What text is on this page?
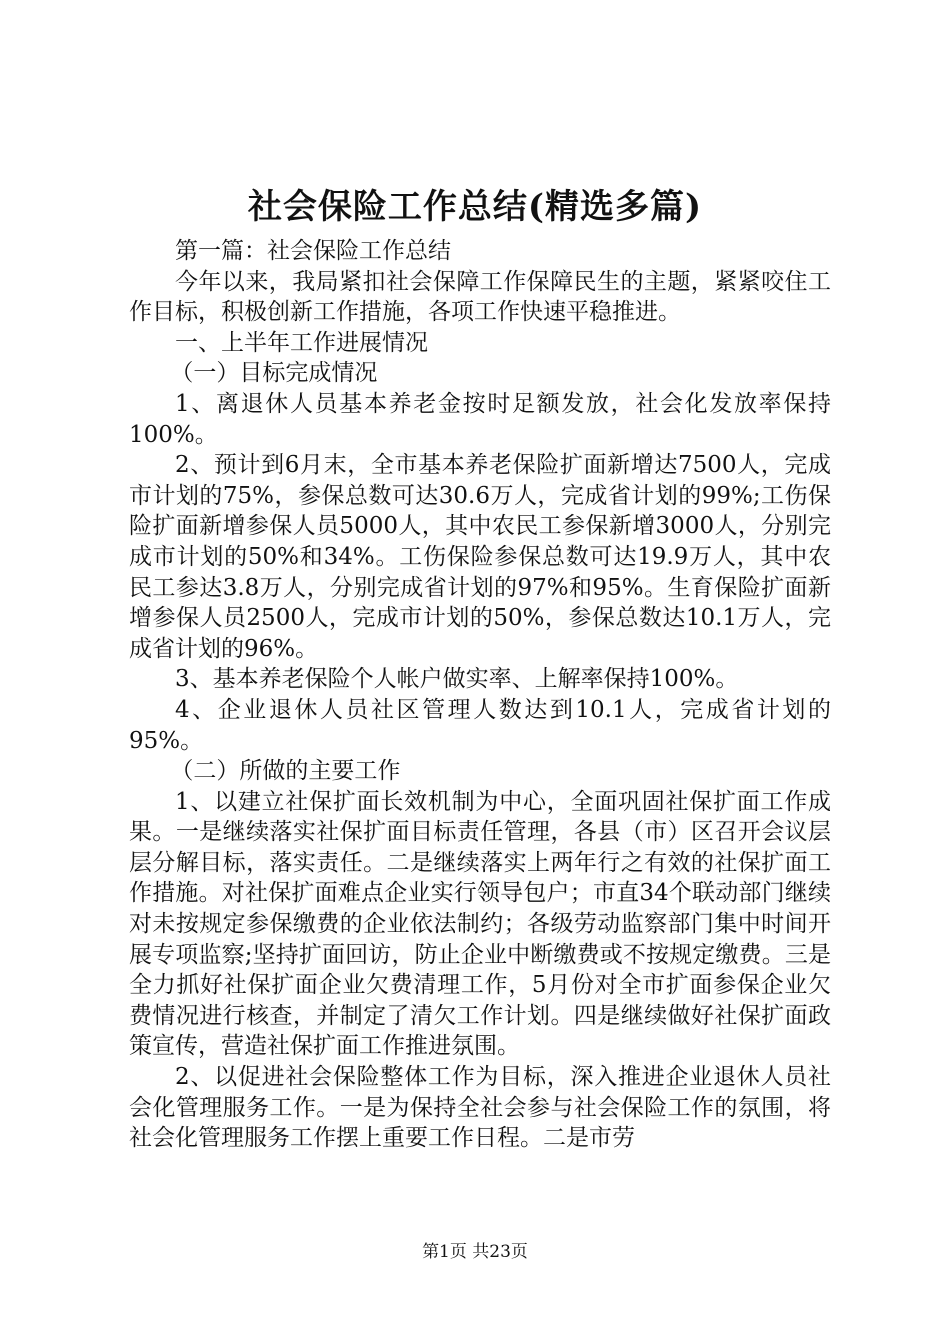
社会保险工作总结(精选多篇)

第一篇：社会保险工作总结

今年以来，我局紧扣社会保障工作保障民生的主题，紧紧咬住工作目标，积极创新工作措施，各项工作快速平稳推进。

一、上半年工作进展情况

（一）目标完成情况

1、离退休人员基本养老金按时足额发放，社会化发放率保持100%。

2、预计到6月末，全市基本养老保险扩面新增达7500人，完成市计划的75%，参保总数可达30.6万人，完成省计划的99%;工伤保险扩面新增参保人员5000人，其中农民工参保新增3000人，分别完成市计划的50%和34%。工伤保险参保总数可达19.9万人，其中农民工参达3.8万人，分别完成省计划的97%和95%。生育保险扩面新增参保人员2500人，完成市计划的50%，参保总数达10.1万人，完成省计划的96%。

3、基本养老保险个人帐户做实率、上解率保持100%。

4、企业退休人员社区管理人数达到10.1人，完成省计划的95%。

（二）所做的主要工作

1、以建立社保扩面长效机制为中心，全面巩固社保扩面工作成果。一是继续落实社保扩面目标责任管理，各县（市）区召开会议层层分解目标，落实责任。二是继续落实上两年行之有效的社保扩面工作措施。对社保扩面难点企业实行领导包户；市直34个联动部门继续对未按规定参保缴费的企业依法制约；各级劳动监察部门集中时间开展专项监察;坚持扩面回访，防止企业中断缴费或不按规定缴费。三是全力抓好社保扩面企业欠费清理工作，5月份对全市扩面参保企业欠费情况进行核查，并制定了清欠工作计划。四是继续做好社保扩面政策宣传，营造社保扩面工作推进氛围。

2、以促进社会保险整体工作为目标，深入推进企业退休人员社会化管理服务工作。一是为保持全社会参与社会保险工作的氛围，将社会化管理服务工作摆上重要工作日程。二是市劳

第1页 共23页
